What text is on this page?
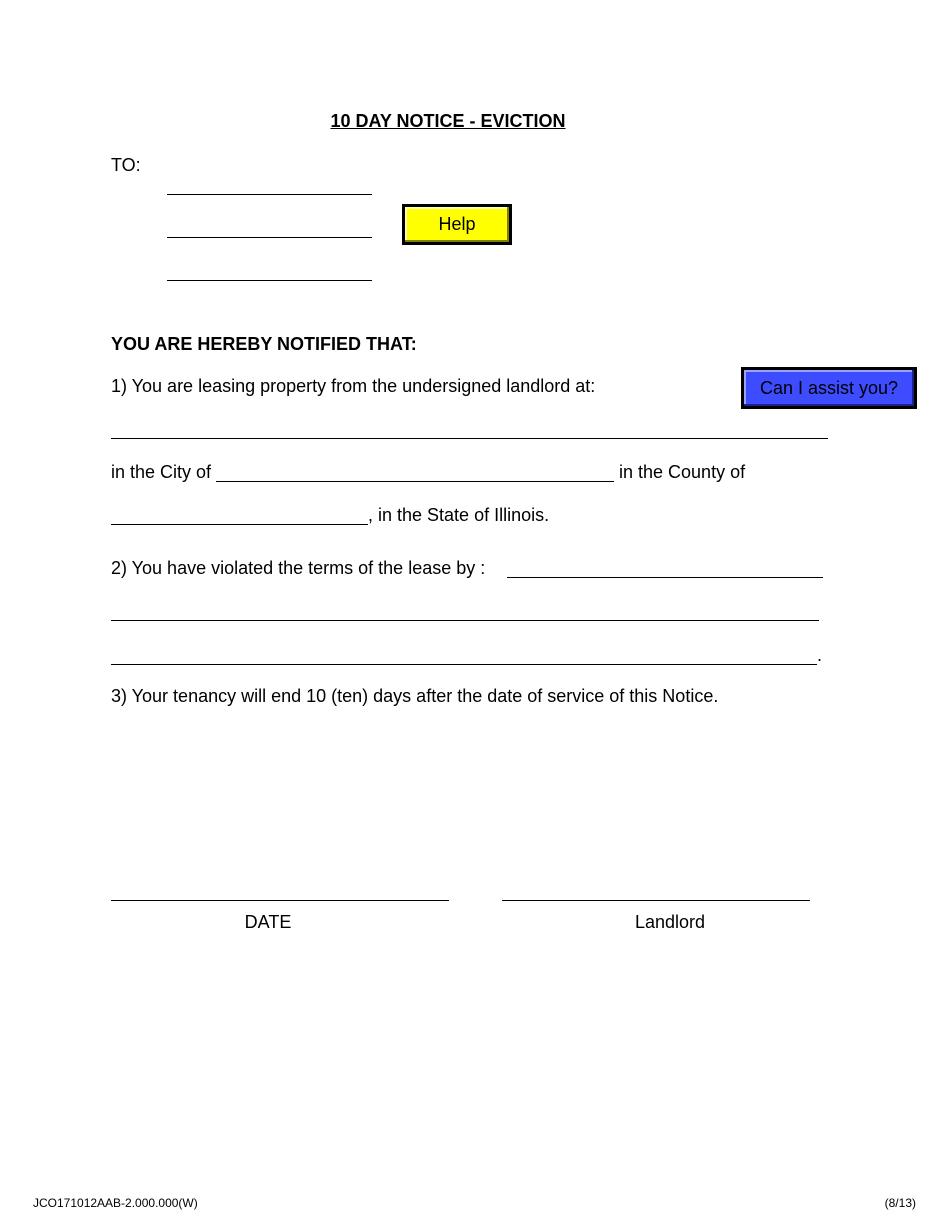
10 DAY NOTICE - EVICTION
TO:
Help
YOU ARE HEREBY NOTIFIED THAT:
1) You are leasing property from the undersigned landlord at:	Can I assist you?
in the City of	in the County of
, in the State of Illinois.
2) You have violated the terms of the lease by :
.
3) Your tenancy will end 10 (ten) days after the date of service of this Notice.
DATE	Landlord
JCO171012AAB-2.000.000(W)	(8/13)
